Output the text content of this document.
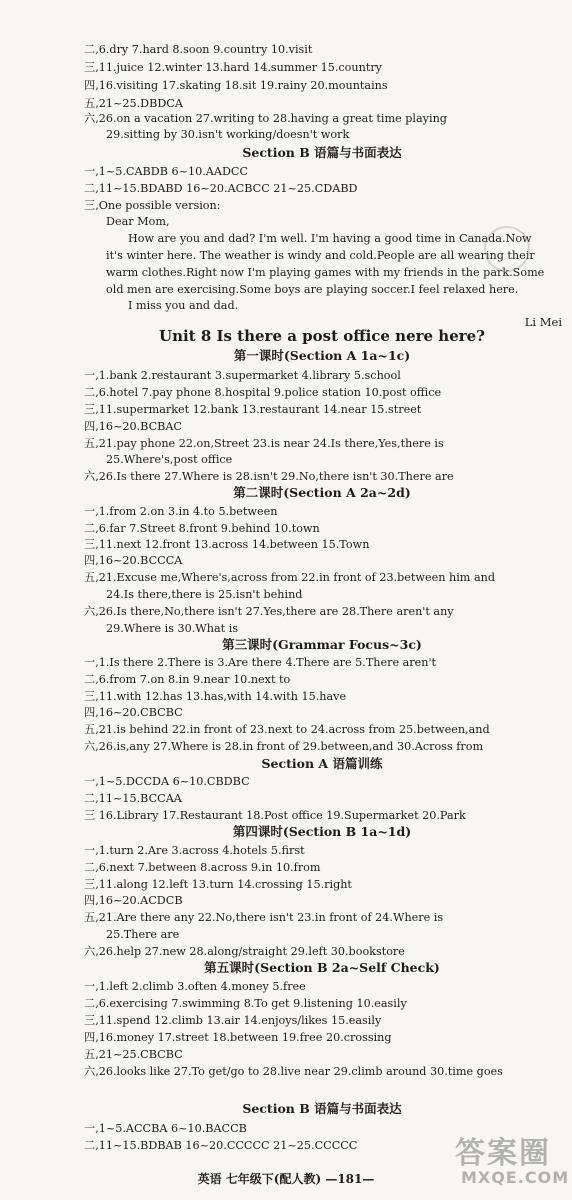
二,6.dry 7.hard 8.soon 9.country 10.visit
三,11.juice 12.winter 13.hard 14.summer 15.country
四,16.visiting 17.skating 18.sit 19.rainy 20.mountains
五,21~25.DBDCA
六,26.on a vacation 27.writing to 28.having a great time playing
29.sitting by 30.isn't working/doesn't work
一,1~5.CABDB 6~10.AADCC
二,11~15.BDABD 16~20.ACBCC 21~25.CDABD
三,One possible version:
Dear Mom,
How are you and dad? I'm well. I'm having a good time in Canada.Now
it's winter here. The weather is windy and cold.People are all wearing their
warm clothes.Right now I'm playing games with my friends in the park.Some
old men are exercising.Some boys are playing soccer.I feel relaxed here.
I miss you and dad.
一,1.bank 2.restaurant 3.supermarket 4.library 5.school
二,6.hotel 7.pay phone 8.hospital 9.police station 10.post office
三,11.supermarket 12.bank 13.restaurant 14.near 15.street
四,16~20.BCBAC
五,21.pay phone 22.on,Street 23.is near 24.Is there,Yes,there is
25.Where's,post office
六,26.Is there 27.Where is 28.isn't 29.No,there isn't 30.There are
一,1.from 2.on 3.in 4.to 5.between
二,6.far 7.Street 8.front 9.behind 10.town
三,11.next 12.front 13.across 14.between 15.Town
四,16~20.BCCCA
五,21.Excuse me,Where's,across from 22.in front of 23.between him and
24.Is there,there is 25.isn't behind
六,26.Is there,No,there isn't 27.Yes,there are 28.There aren't any
29.Where is 30.What is
一,1.Is there 2.There is 3.Are there 4.There are 5.There aren't
二,6.from 7.on 8.in 9.near 10.next to
三,11.with 12.has 13.has,with 14.with 15.have
四,16~20.CBCBC
五,21.is behind 22.in front of 23.next to 24.across from 25.between,and
六,26.is,any 27.Where is 28.in front of 29.between,and 30.Across from
一,1~5.DCCDA 6~10.CBDBC
二,11~15.BCCAA
三 16.Library 17.Restaurant 18.Post office 19.Supermarket 20.Park
一,1.turn 2.Are 3.across 4.hotels 5.first
二,6.next 7.between 8.across 9.in 10.from
三,11.along 12.left 13.turn 14.crossing 15.right
四,16~20.ACDCB
五,21.Are there any 22.No,there isn't 23.in front of 24.Where is
25.There are
六,26.help 27.new 28.along/straight 29.left 30.bookstore
一,1.left 2.climb 3.often 4.money 5.free
二,6.exercising 7.swimming 8.To get 9.listening 10.easily
三,11.spend 12.climb 13.air 14.enjoys/likes 15.easily
四,16.money 17.street 18.between 19.free 20.crossing
五,21~25.CBCBC
六,26.looks like 27.To get/go to 28.live near 29.climb around 30.time goes
一,1~5.ACCBA 6~10.BACCB
二,11~15.BDBAB 16~20.CCCCC 21~25.CCCCC
Section B 语篇与书面表达
第一课时(Section A 1a~1c)
第二课时(Section A 2a~2d)
第三课时(Grammar Focus~3c)
Section A 语篇训练
第四课时(Section B 1a~1d)
第五课时(Section B 2a~Self Check)
Section B 语篇与书面表达
Unit 8 Is there a post office nere here?
Li Mei
英语 七年级下(配人教) —181—
答案圈
MXQE.COM
